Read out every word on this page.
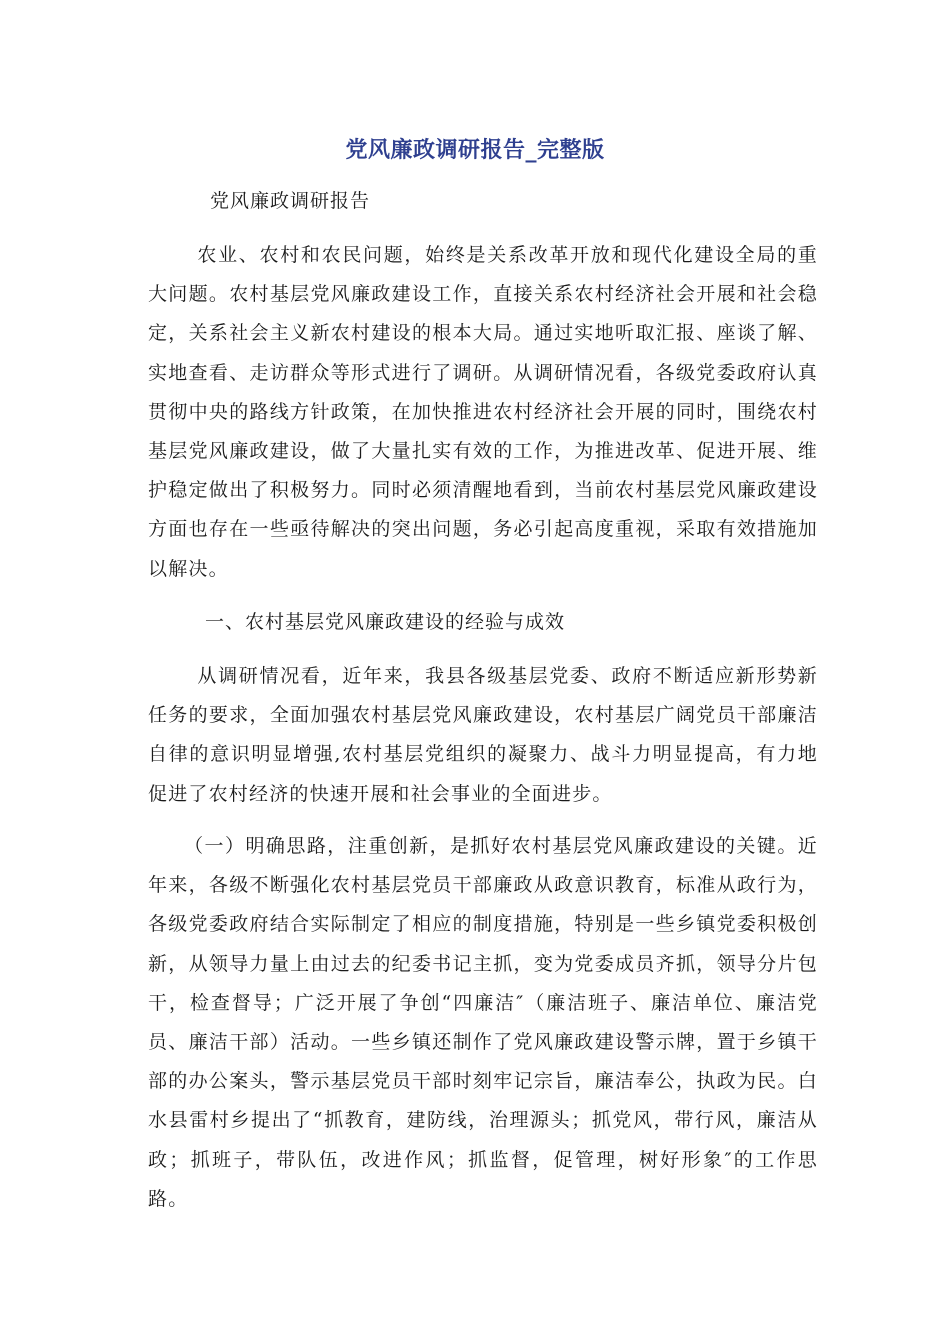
党风廉政调研报告_完整版
党风廉政调研报告

农业、农村和农民问题，始终是关系改革开放和现代化建设全局的重大问题。农村基层党风廉政建设工作，直接关系农村经济社会开展和社会稳定，关系社会主义新农村建设的根本大局。通过实地听取汇报、座谈了解、实地查看、走访群众等形式进行了调研。从调研情况看，各级党委政府认真贯彻中央的路线方针政策，在加快推进农村经济社会开展的同时，围绕农村基层党风廉政建设，做了大量扎实有效的工作，为推进改革、促进开展、维护稳定做出了积极努力。同时必须清醒地看到，当前农村基层党风廉政建设方面也存在一些亟待解决的突出问题，务必引起高度重视，采取有效措施加以解决。

一、农村基层党风廉政建设的经验与成效

从调研情况看，近年来，我县各级基层党委、政府不断适应新形势新任务的要求，全面加强农村基层党风廉政建设，农村基层广阔党员干部廉洁自律的意识明显增强,农村基层党组织的凝聚力、战斗力明显提高，有力地促进了农村经济的快速开展和社会事业的全面进步。

（一）明确思路，注重创新，是抓好农村基层党风廉政建设的关键。近年来，各级不断强化农村基层党员干部廉政从政意识教育，标准从政行为，各级党委政府结合实际制定了相应的制度措施，特别是一些乡镇党委积极创新，从领导力量上由过去的纪委书记主抓，变为党委成员齐抓，领导分片包干，检查督导；广泛开展了争创“四廉洁″（廉洁班子、廉洁单位、廉洁党员、廉洁干部）活动。一些乡镇还制作了党风廉政建设警示牌，置于乡镇干部的办公案头，警示基层党员干部时刻牢记宗旨，廉洁奉公，执政为民。白水县雷村乡提出了“抓教育，建防线，治理源头；抓党风，带行风，廉洁从政；抓班子，带队伍，改进作风；抓监督，促管理，树好形象″的工作思路。
